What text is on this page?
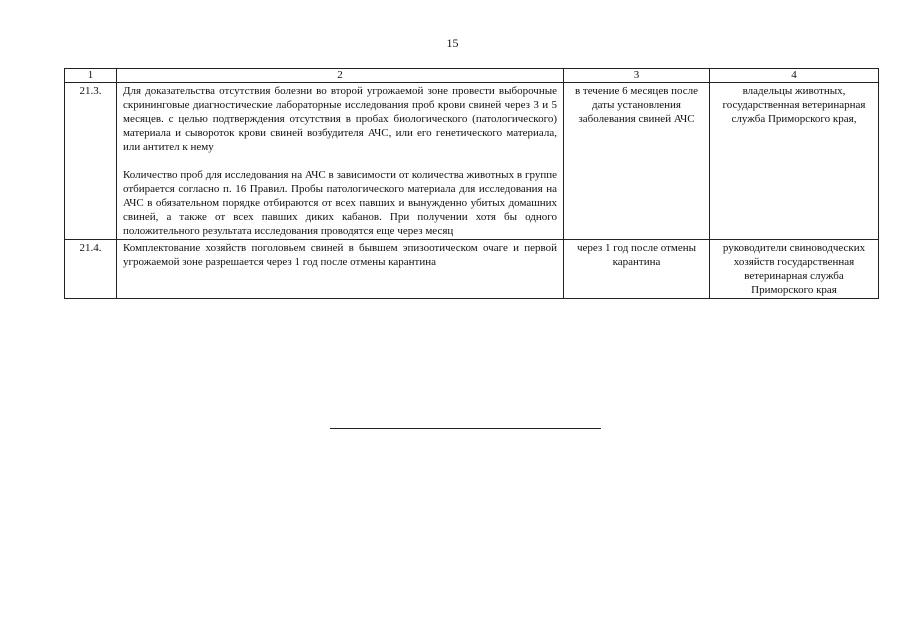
15
1	2	3	4
21.3.	Для доказательства отсутствия болезни во второй угрожаемой зоне провести выборочные скрининговые диагностические лабораторные исследования проб крови свиней через 3 и 5 месяцев. с целью подтверждения отсутствия в пробах биологического (патологического) материала и сывороток крови свиней возбудителя АЧС, или его генетического материала, или антител к нему

Количество проб для исследования на АЧС в зависимости от количества животных в группе отбирается согласно п. 16 Правил. Пробы патологического материала для исследования на АЧС в обязательном порядке отбираются от всех павших и вынужденно убитых домашних свиней, а также от всех павших диких кабанов. При получении хотя бы одного положительного результата исследования проводятся еще через месяц	в течение 6 месяцев после даты установления заболевания свиней АЧС	владельцы животных, государственная ветеринарная служба Приморского края,
21.4.	Комплектование хозяйств поголовьем свиней в бывшем эпизоотическом очаге и первой угрожаемой зоне разрешается через 1 год после отмены карантина	через 1 год после отмены карантина	руководители свиноводческих хозяйств государственная ветеринарная служба Приморского края
